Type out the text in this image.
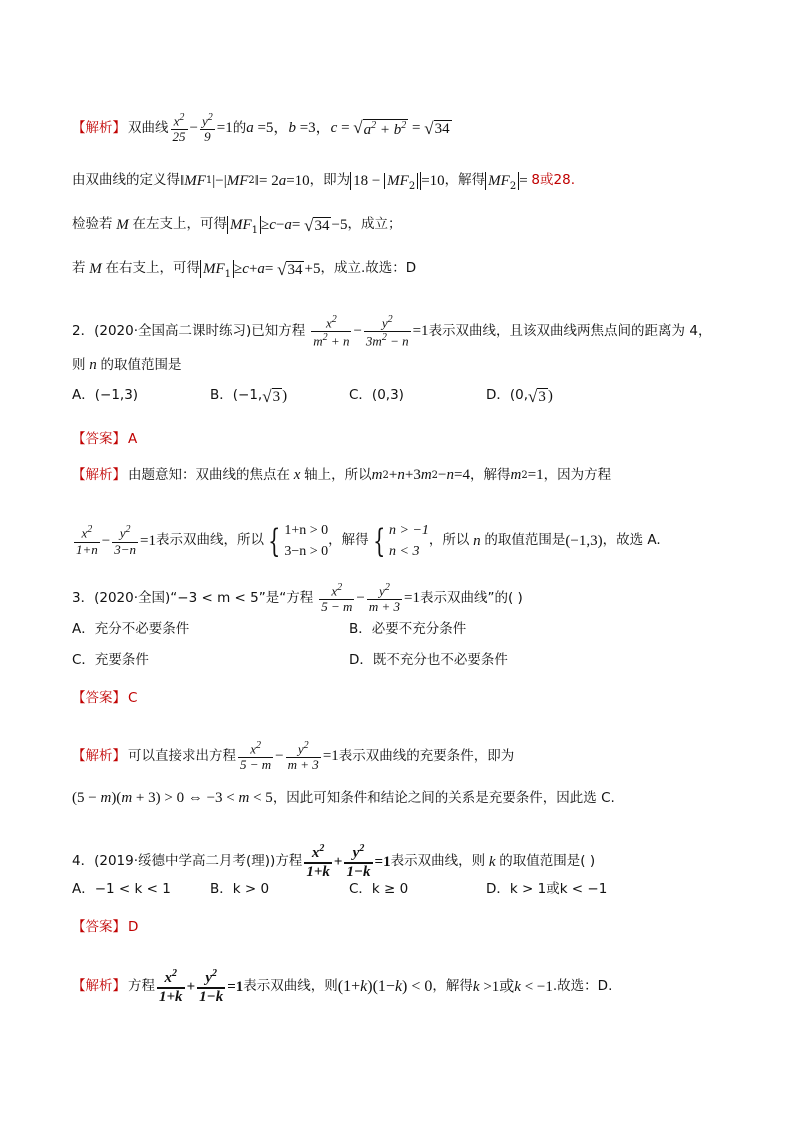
【解析】 双曲线 $\frac{x^2}{25} - \frac{y^2}{9} =1$ 的 a =5， b =3， c = √ $a^2 + b^2$ = √ 34
由双曲线的定义得 ‖ MF 1 |−| MF 2 ‖= 2 a =10 ，即为 $18 - MF_2 =10$ ，解得 $MF_2 = 8$或28.
检验若 M 在左支上，可得 $MF_1 \ge c - a$ = √ 34 −5 ，成立；
若 M 在右支上，可得 $MF_1 \ge c + a$ = √ 34 +5 ，成立.故选：D
2． (2020·全国高二课时练习) 已知方程 $\frac{x^2}{m^2 + n} - \frac{y^2}{3m^2 - n} =1$ 表示双曲线，且该双曲线两焦点间的距离为 4，
则 n 的取值范围是
A．(−1,3)	B．(−1, √ 3 )	C．(0,3)	D．(0, √ 3 )
【答案】 A
【解析】 由题意知：双曲线的焦点在 x 轴上，所以 m 2 + n +3 m 2 − n =4 ，解得 m 2 =1 ，因为方程
$\frac{x^2}{1+n} - \frac{y^2}{3-n} =1$ 表示双曲线，所以 { 1+n > 0
3−n > 0
，解得 { n > −1
n < 3
，所以 n 的取值范围是 (−1,3) ，故选 A.
3． (2020·全国) “−3 < m < 5”是“方程 $\frac{x^2}{5 - m} - \frac{y^2}{m + 3} =1$ 表示双曲线”的( )
A．充分不必要条件	B．必要不充分条件
C．充要条件	D．既不充分也不必要条件
【答案】 C
【解析】 可以直接求出方程 $\frac{x^2}{5 - m} - \frac{y^2}{m + 3} =1$ 表示双曲线的充要条件，即为
(5 − m )( m + 3) > 0 ⇔ −3 < m < 5 ，因此可知条件和结论之间的关系是充要条件，因此选 C.
4． (2019·绥德中学高二月考(理)) 方程 $\frac{x^2}{1+k} + \frac{y^2}{1-k} =1$ 表示双曲线，则 k 的取值范围是( )
A．−1 < k < 1	B．k > 0	C．k ≥ 0	D．k > 1或k < −1
【答案】 D
【解析】 方程 $\frac{x^2}{1+k} + \frac{y^2}{1-k} =1$ 表示双曲线，则 (1+ k )(1− k ) < 0 ，解得 k >1或 k < −1 .故选：D.
